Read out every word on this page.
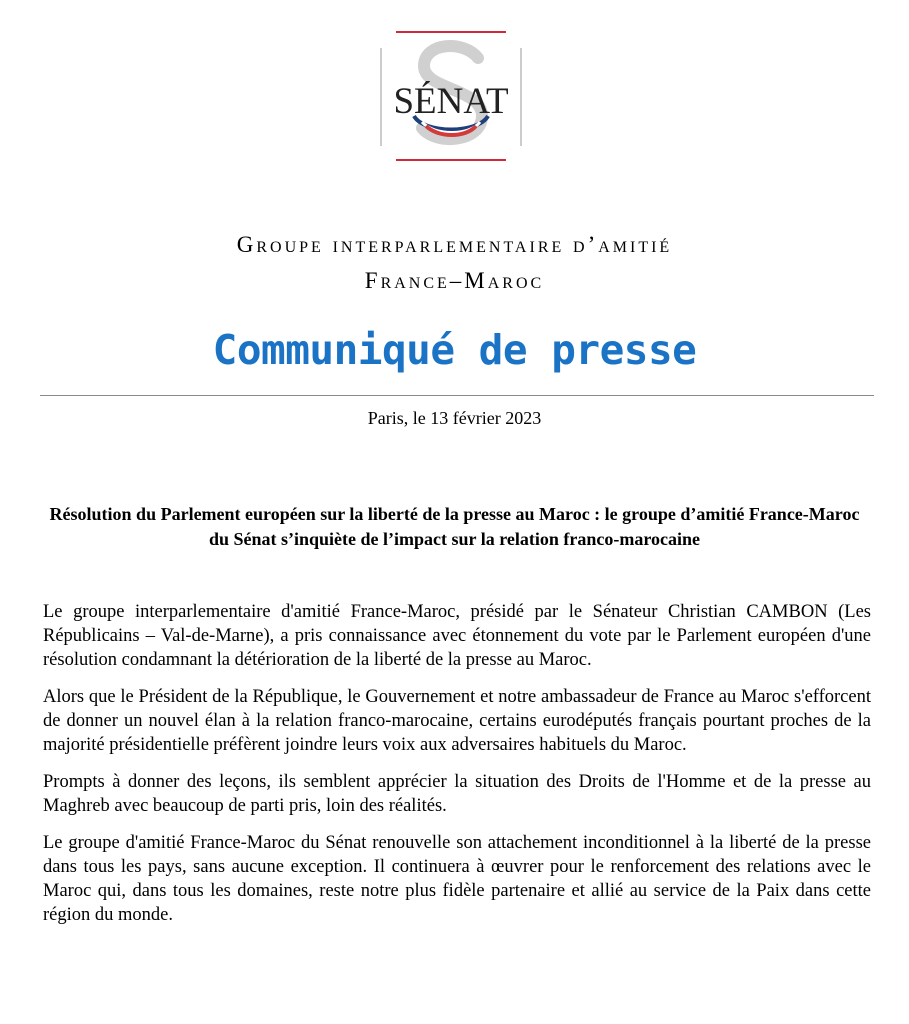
SÉNAT
Groupe interparlementaire d’amitié
France–Maroc
Communiqué de presse
Paris, le 13 février 2023
Résolution du Parlement européen sur la liberté de la presse au Maroc : le groupe d’amitié France-Maroc du Sénat s’inquiète de l’impact sur la relation franco-marocaine

Le groupe interparlementaire d'amitié France-Maroc, présidé par le Sénateur Christian CAMBON (Les Républicains – Val-de-Marne), a pris connaissance avec étonnement du vote par le Parlement européen d'une résolution condamnant la détérioration de la liberté de la presse au Maroc.

Alors que le Président de la République, le Gouvernement et notre ambassadeur de France au Maroc s'efforcent de donner un nouvel élan à la relation franco-marocaine, certains eurodéputés français pourtant proches de la majorité présidentielle préfèrent joindre leurs voix aux adversaires habituels du Maroc.

Prompts à donner des leçons, ils semblent apprécier la situation des Droits de l'Homme et de la presse au Maghreb avec beaucoup de parti pris, loin des réalités.

Le groupe d'amitié France-Maroc du Sénat renouvelle son attachement inconditionnel à la liberté de la presse dans tous les pays, sans aucune exception. Il continuera à œuvrer pour le renforcement des relations avec le Maroc qui, dans tous les domaines, reste notre plus fidèle partenaire et allié au service de la Paix dans cette région du monde.
